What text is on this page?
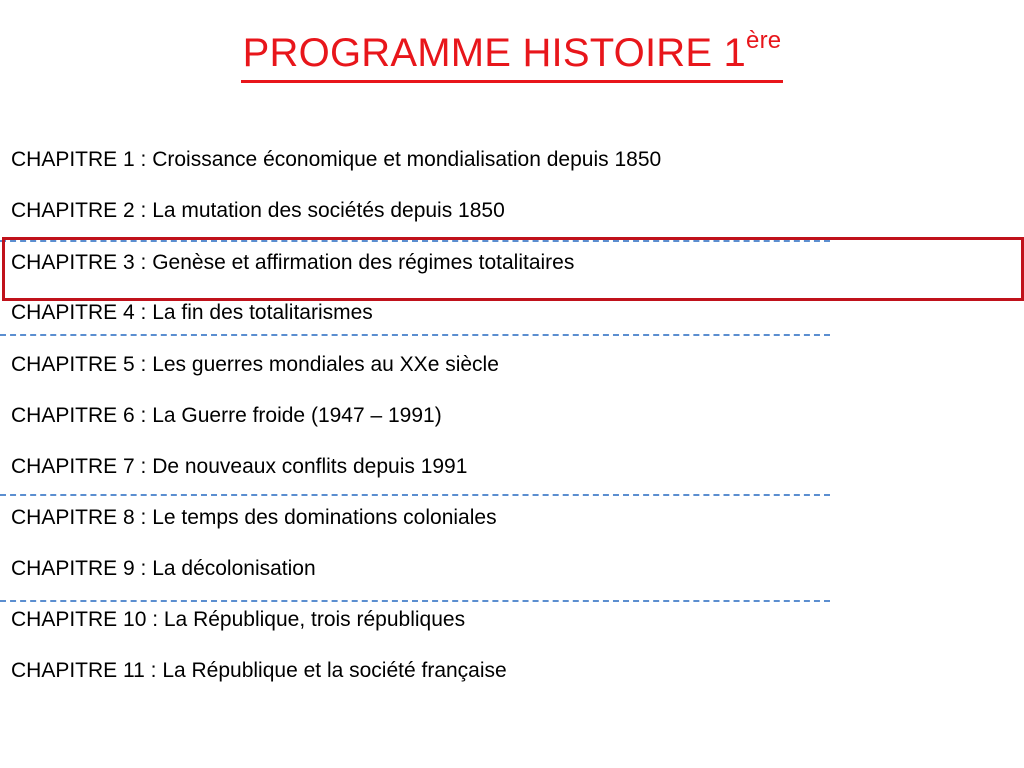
PROGRAMME HISTOIRE 1ère
CHAPITRE 1 : Croissance économique et mondialisation depuis 1850
CHAPITRE 2 : La mutation des sociétés depuis 1850
CHAPITRE 3 : Genèse et affirmation des régimes totalitaires
CHAPITRE 4 : La fin des totalitarismes
CHAPITRE 5 : Les guerres mondiales au XXe siècle
CHAPITRE 6 : La Guerre froide (1947 – 1991)
CHAPITRE 7 : De nouveaux conflits depuis 1991
CHAPITRE 8 : Le temps des dominations coloniales
CHAPITRE 9 : La décolonisation
CHAPITRE 10 : La République, trois républiques
CHAPITRE 11 : La République et la société française
